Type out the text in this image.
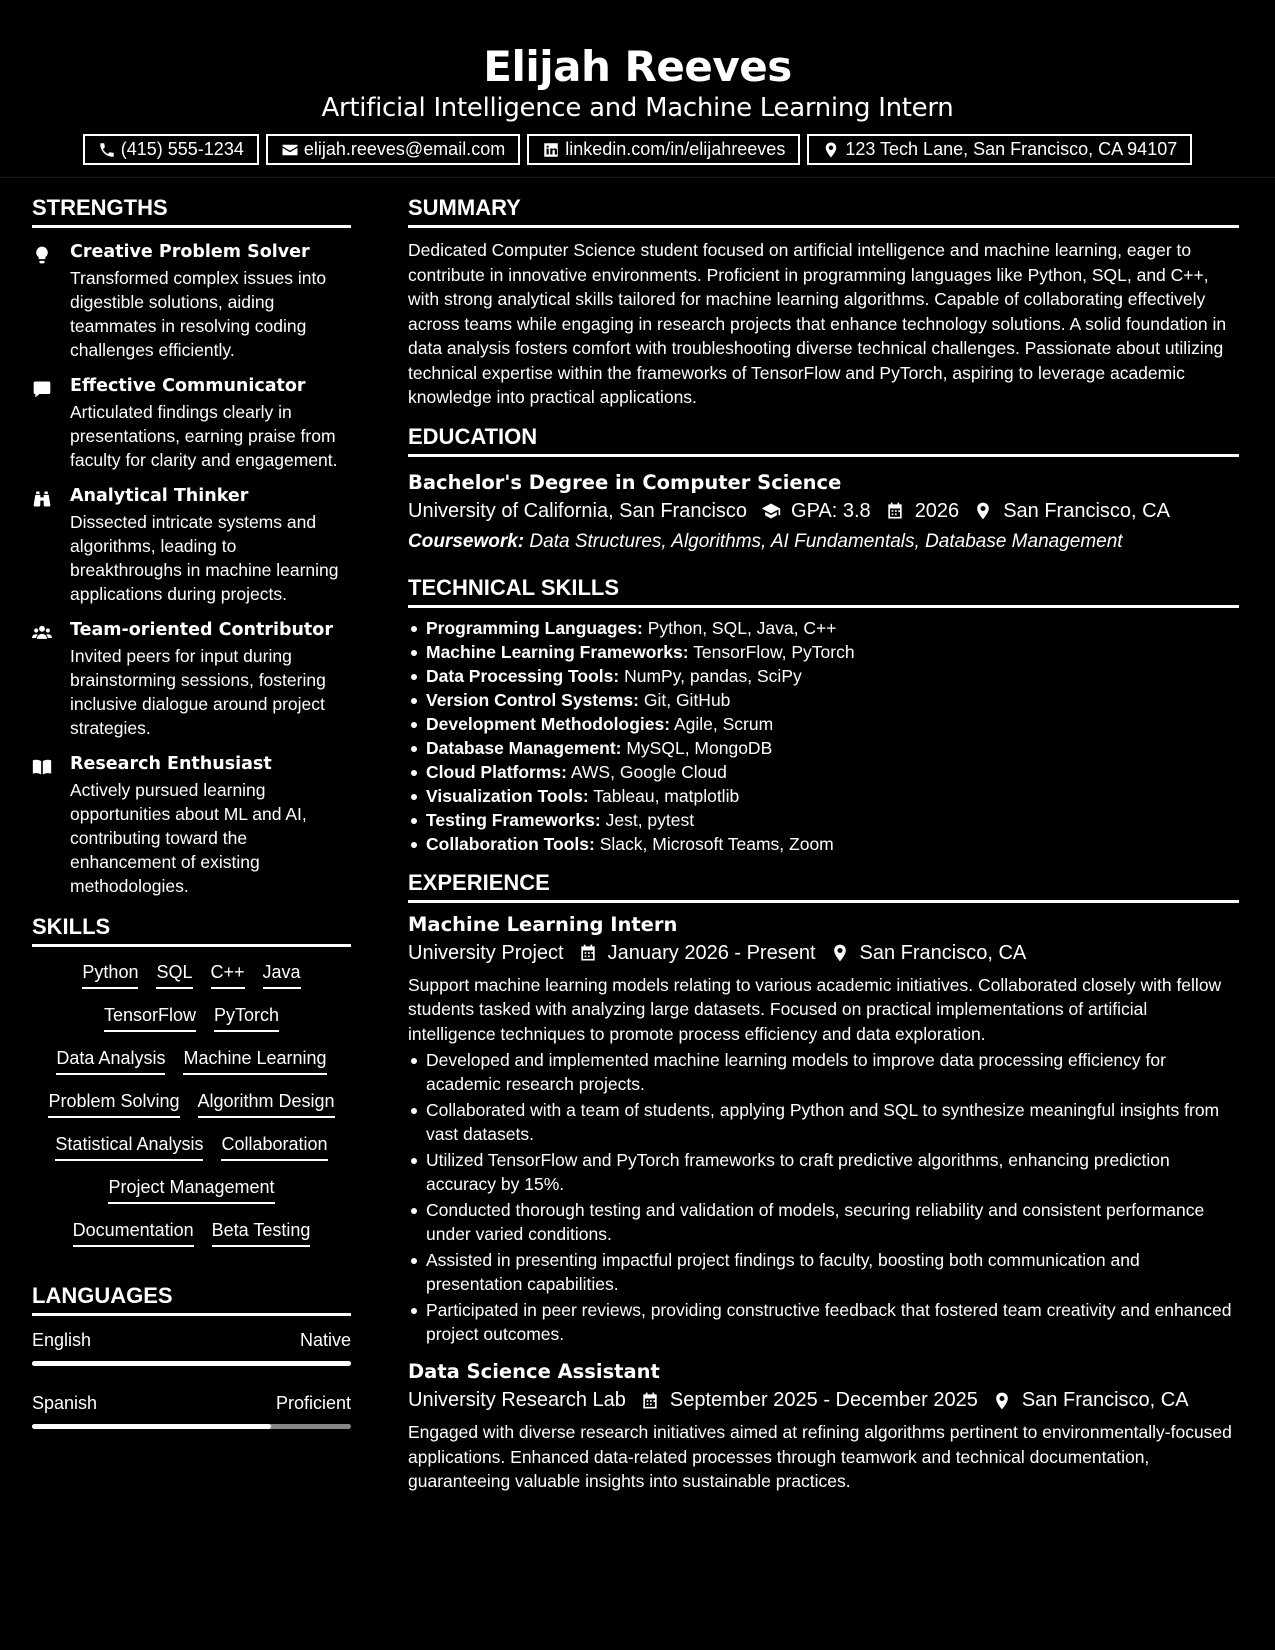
Elijah Reeves
Artificial Intelligence and Machine Learning Intern
(415) 555-1234	elijah.reeves@email.com	linkedin.com/in/elijahreeves	123 Tech Lane, San Francisco, CA 94107
STRENGTHS
Creative Problem Solver
Transformed complex issues into digestible solutions, aiding teammates in resolving coding challenges efficiently.
Effective Communicator
Articulated findings clearly in presentations, earning praise from faculty for clarity and engagement.
Analytical Thinker
Dissected intricate systems and algorithms, leading to breakthroughs in machine learning applications during projects.
Team-oriented Contributor
Invited peers for input during brainstorming sessions, fostering inclusive dialogue around project strategies.
Research Enthusiast
Actively pursued learning opportunities about ML and AI, contributing toward the enhancement of existing methodologies.
SKILLS
Python SQL C++ Java
TensorFlow PyTorch
Data Analysis Machine Learning
Problem Solving Algorithm Design
Statistical Analysis Collaboration
Project Management
Documentation Beta Testing
LANGUAGES
English	Native
Spanish	Proficient
SUMMARY
Dedicated Computer Science student focused on artificial intelligence and machine learning, eager to contribute in innovative environments. Proficient in programming languages like Python, SQL, and C++, with strong analytical skills tailored for machine learning algorithms. Capable of collaborating effectively across teams while engaging in research projects that enhance technology solutions. A solid foundation in data analysis fosters comfort with troubleshooting diverse technical challenges. Passionate about utilizing technical expertise within the frameworks of TensorFlow and PyTorch, aspiring to leverage academic knowledge into practical applications.
EDUCATION
Bachelor's Degree in Computer Science
University of California, San Francisco GPA: 3.8 2026 San Francisco, CA
Coursework: Data Structures, Algorithms, AI Fundamentals, Database Management
TECHNICAL SKILLS
Programming Languages: Python, SQL, Java, C++
Machine Learning Frameworks: TensorFlow, PyTorch
Data Processing Tools: NumPy, pandas, SciPy
Version Control Systems: Git, GitHub
Development Methodologies: Agile, Scrum
Database Management: MySQL, MongoDB
Cloud Platforms: AWS, Google Cloud
Visualization Tools: Tableau, matplotlib
Testing Frameworks: Jest, pytest
Collaboration Tools: Slack, Microsoft Teams, Zoom
EXPERIENCE
Machine Learning Intern
University Project January 2026 - Present San Francisco, CA
Support machine learning models relating to various academic initiatives. Collaborated closely with fellow students tasked with analyzing large datasets. Focused on practical implementations of artificial intelligence techniques to promote process efficiency and data exploration.
Developed and implemented machine learning models to improve data processing efficiency for academic research projects.
Collaborated with a team of students, applying Python and SQL to synthesize meaningful insights from vast datasets.
Utilized TensorFlow and PyTorch frameworks to craft predictive algorithms, enhancing prediction accuracy by 15%.
Conducted thorough testing and validation of models, securing reliability and consistent performance under varied conditions.
Assisted in presenting impactful project findings to faculty, boosting both communication and presentation capabilities.
Participated in peer reviews, providing constructive feedback that fostered team creativity and enhanced project outcomes.
Data Science Assistant
University Research Lab September 2025 - December 2025 San Francisco, CA
Engaged with diverse research initiatives aimed at refining algorithms pertinent to environmentally-focused applications. Enhanced data-related processes through teamwork and technical documentation, guaranteeing valuable insights into sustainable practices.
